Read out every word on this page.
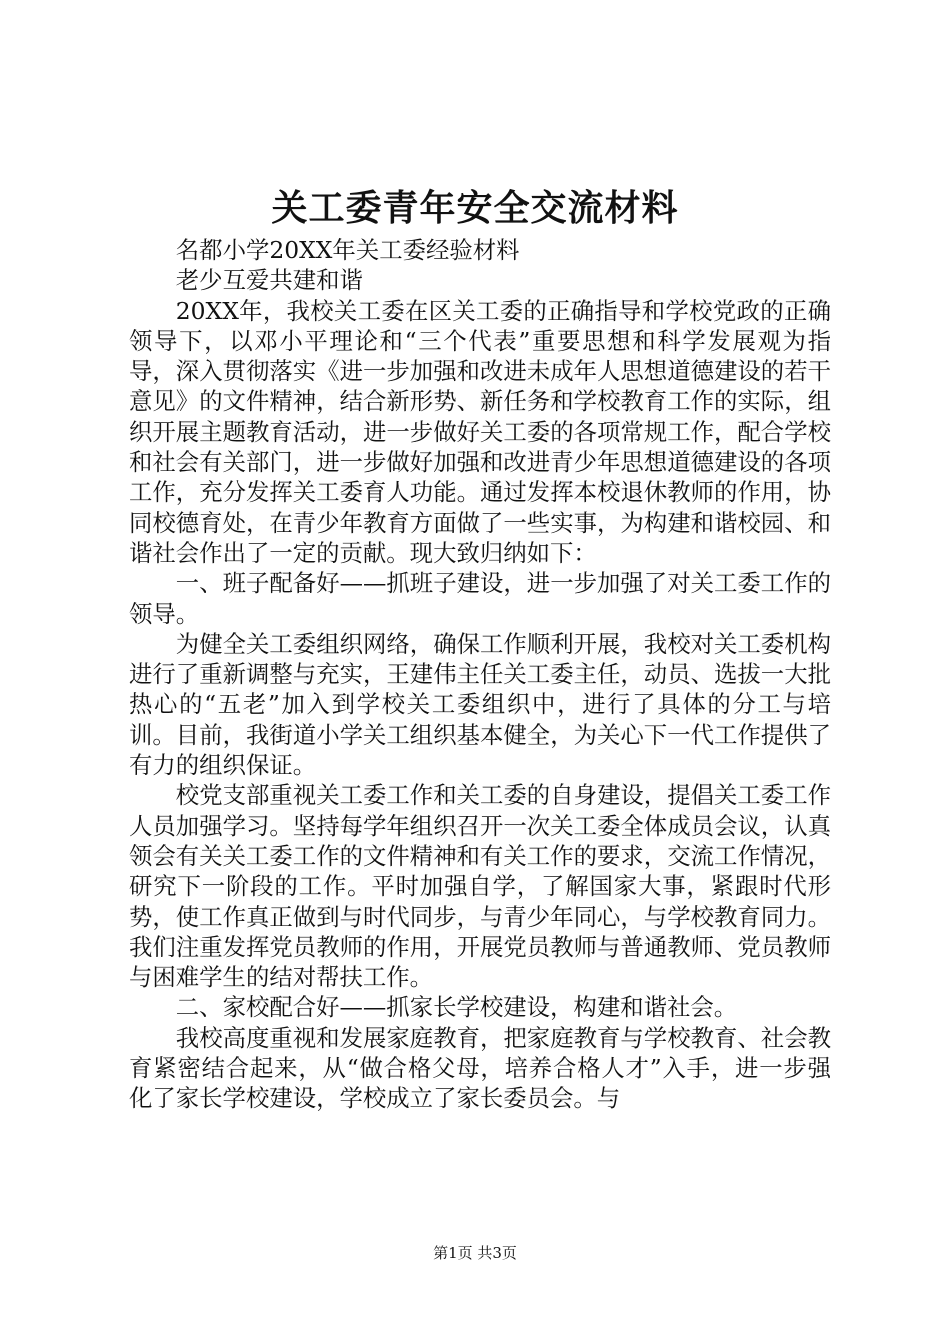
关工委青年安全交流材料

名都小学20XX年关工委经验材料

老少互爱共建和谐

20XX年，我校关工委在区关工委的正确指导和学校党政的正确领导下，以邓小平理论和“三个代表”重要思想和科学发展观为指导，深入贯彻落实《进一步加强和改进未成年人思想道德建设的若干意见》的文件精神，结合新形势、新任务和学校教育工作的实际，组织开展主题教育活动，进一步做好关工委的各项常规工作，配合学校和社会有关部门，进一步做好加强和改进青少年思想道德建设的各项工作，充分发挥关工委育人功能。通过发挥本校退休教师的作用，协同校德育处，在青少年教育方面做了一些实事，为构建和谐校园、和谐社会作出了一定的贡献。现大致归纳如下：

一、班子配备好——抓班子建设，进一步加强了对关工委工作的领导。

为健全关工委组织网络，确保工作顺利开展，我校对关工委机构进行了重新调整与充实，王建伟主任关工委主任，动员、选拔一大批热心的“五老”加入到学校关工委组织中，进行了具体的分工与培训。目前，我街道小学关工组织基本健全，为关心下一代工作提供了有力的组织保证。

校党支部重视关工委工作和关工委的自身建设，提倡关工委工作人员加强学习。坚持每学年组织召开一次关工委全体成员会议，认真领会有关关工委工作的文件精神和有关工作的要求，交流工作情况，研究下一阶段的工作。平时加强自学，了解国家大事，紧跟时代形势，使工作真正做到与时代同步，与青少年同心，与学校教育同力。我们注重发挥党员教师的作用，开展党员教师与普通教师、党员教师与困难学生的结对帮扶工作。

二、家校配合好——抓家长学校建设，构建和谐社会。

我校高度重视和发展家庭教育，把家庭教育与学校教育、社会教育紧密结合起来，从“做合格父母，培养合格人才”入手，进一步强化了家长学校建设，学校成立了家长委员会。与

第1页 共3页
